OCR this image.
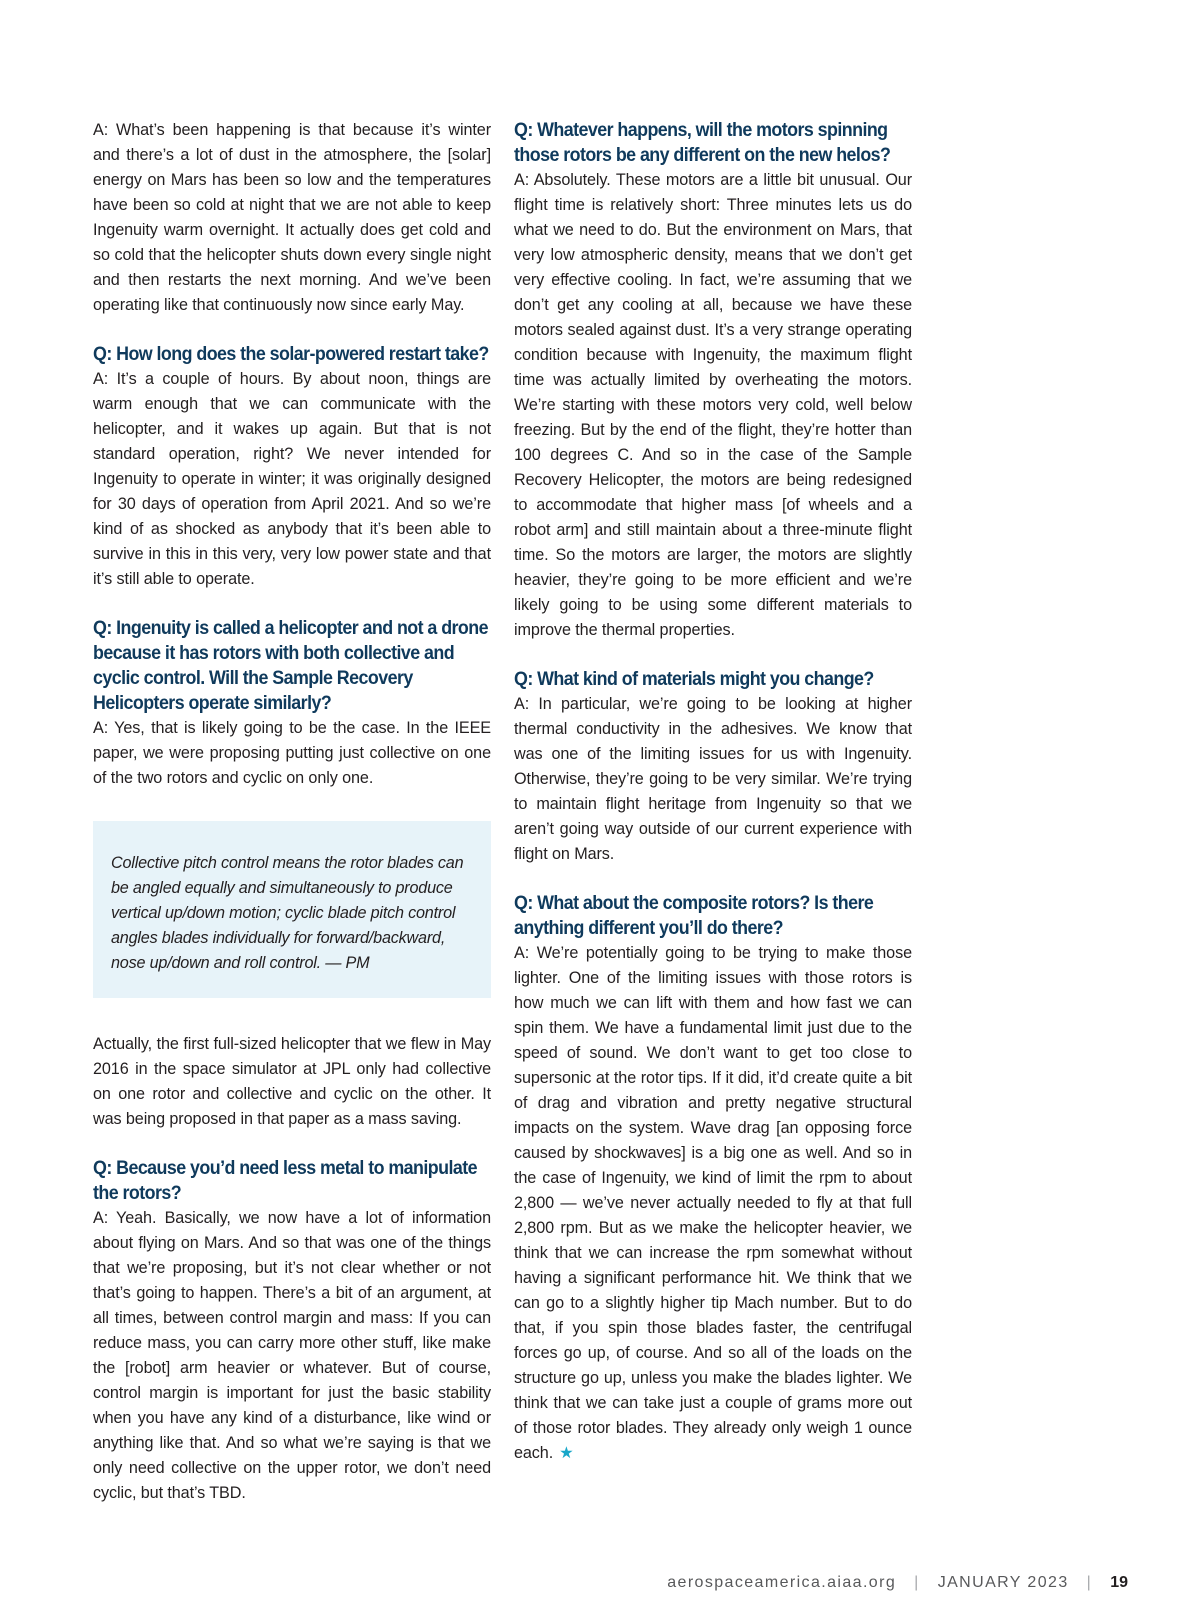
A: What’s been happening is that because it’s winter and there’s a lot of dust in the atmosphere, the [solar] energy on Mars has been so low and the temperatures have been so cold at night that we are not able to keep Ingenuity warm overnight. It actually does get cold and so cold that the helicopter shuts down every single night and then restarts the next morning. And we’ve been operating like that continuously now since early May.

Q: How long does the solar-powered restart take?

A: It’s a couple of hours. By about noon, things are warm enough that we can communicate with the helicopter, and it wakes up again. But that is not standard operation, right? We never intended for Ingenuity to operate in winter; it was originally designed for 30 days of operation from April 2021. And so we’re kind of as shocked as anybody that it’s been able to survive in this in this very, very low power state and that it’s still able to operate.

Q: Ingenuity is called a helicopter and not a drone because it has rotors with both collective and cyclic control. Will the Sample Recovery Helicopters operate similarly?

A: Yes, that is likely going to be the case. In the IEEE paper, we were proposing putting just collective on one of the two rotors and cyclic on only one.

Collective pitch control means the rotor blades can be angled equally and simultaneously to produce vertical up/down motion; cyclic blade pitch control angles blades individually for forward/backward, nose up/down and roll control. — PM

Actually, the first full-sized helicopter that we flew in May 2016 in the space simulator at JPL only had collective on one rotor and collective and cyclic on the other. It was being proposed in that paper as a mass saving.

Q: Because you’d need less metal to manipulate the rotors?

A: Yeah. Basically, we now have a lot of information about flying on Mars. And so that was one of the things that we’re proposing, but it’s not clear whether or not that’s going to happen. There’s a bit of an argument, at all times, between control margin and mass: If you can reduce mass, you can carry more other stuff, like make the [robot] arm heavier or whatever. But of course, control margin is important for just the basic stability when you have any kind of a disturbance, like wind or anything like that. And so what we’re saying is that we only need collective on the upper rotor, we don’t need cyclic, but that’s TBD.

Q: Whatever happens, will the motors spinning those rotors be any different on the new helos?

A: Absolutely. These motors are a little bit unusual. Our flight time is relatively short: Three minutes lets us do what we need to do. But the environment on Mars, that very low atmospheric density, means that we don’t get very effective cooling. In fact, we’re assuming that we don’t get any cooling at all, because we have these motors sealed against dust. It’s a very strange operating condition because with Ingenuity, the maximum flight time was actually limited by overheating the motors. We’re starting with these motors very cold, well below freezing. But by the end of the flight, they’re hotter than 100 degrees C. And so in the case of the Sample Recovery Helicopter, the motors are being redesigned to accommodate that higher mass [of wheels and a robot arm] and still maintain about a three-minute flight time. So the motors are larger, the motors are slightly heavier, they’re going to be more efficient and we’re likely going to be using some different materials to improve the thermal properties.

Q: What kind of materials might you change?

A: In particular, we’re going to be looking at higher thermal conductivity in the adhesives. We know that was one of the limiting issues for us with Ingenuity. Otherwise, they’re going to be very similar. We’re trying to maintain flight heritage from Ingenuity so that we aren’t going way outside of our current experience with flight on Mars.

Q: What about the composite rotors? Is there anything different you’ll do there?

A: We’re potentially going to be trying to make those lighter. One of the limiting issues with those rotors is how much we can lift with them and how fast we can spin them. We have a fundamental limit just due to the speed of sound. We don’t want to get too close to supersonic at the rotor tips. If it did, it’d create quite a bit of drag and vibration and pretty negative structural impacts on the system. Wave drag [an opposing force caused by shockwaves] is a big one as well. And so in the case of Ingenuity, we kind of limit the rpm to about 2,800 — we’ve never actually needed to fly at that full 2,800 rpm. But as we make the helicopter heavier, we think that we can increase the rpm somewhat without having a significant performance hit. We think that we can go to a slightly higher tip Mach number. But to do that, if you spin those blades faster, the centrifugal forces go up, of course. And so all of the loads on the structure go up, unless you make the blades lighter. We think that we can take just a couple of grams more out of those rotor blades. They already only weigh 1 ounce each. ★

aerospaceamerica.aiaa.org | JANUARY 2023 | 19
